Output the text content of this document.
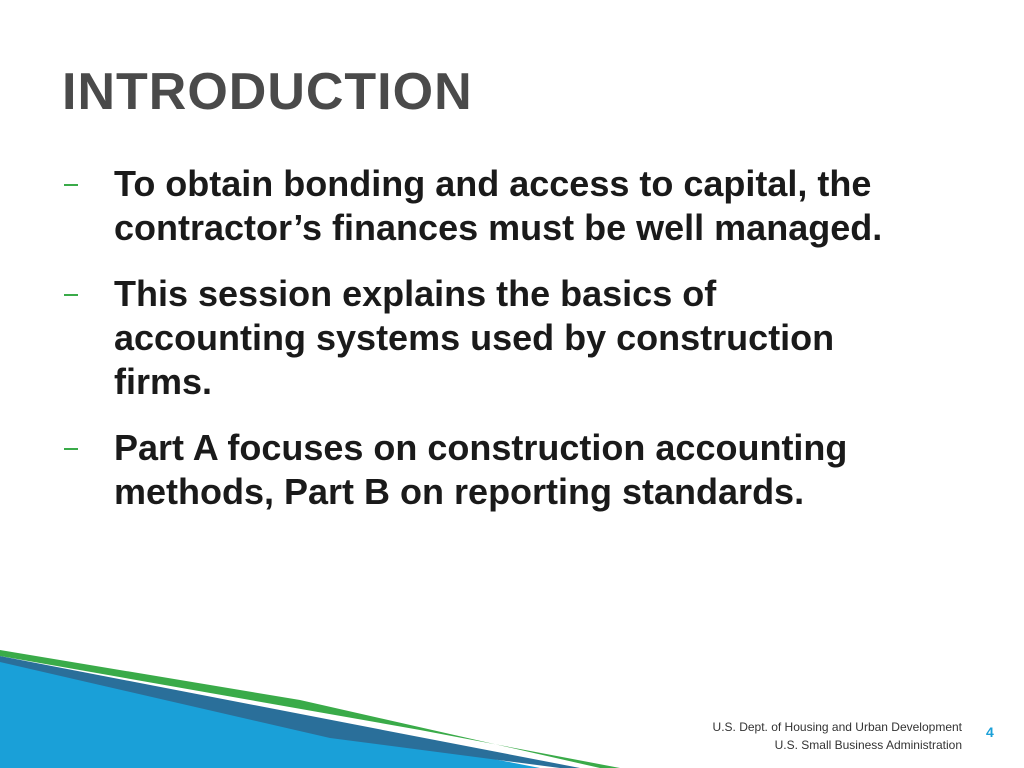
INTRODUCTION
To obtain bonding and access to capital, the contractor’s finances must be well managed.
This session explains the basics of accounting systems used by construction firms.
Part A focuses on construction accounting methods, Part B on reporting standards.
U.S. Dept. of Housing and Urban Development
U.S. Small Business Administration
4
